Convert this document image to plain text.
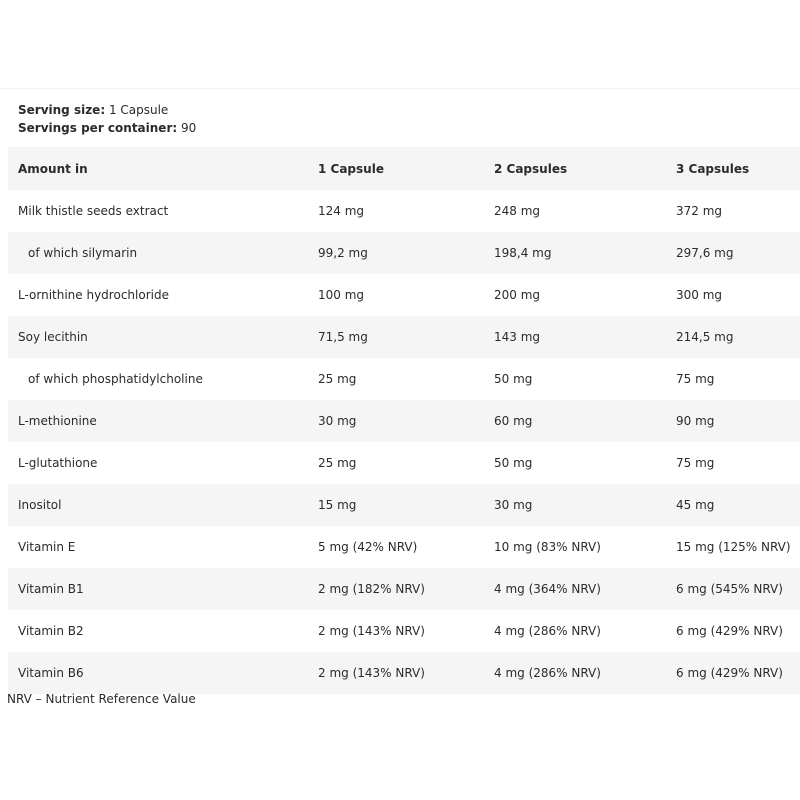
Serving size: 1 Capsule
Servings per container: 90
Amount in	1 Capsule	2 Capsules	3 Capsules
Milk thistle seeds extract	124 mg	248 mg	372 mg
of which silymarin	99,2 mg	198,4 mg	297,6 mg
L-ornithine hydrochloride	100 mg	200 mg	300 mg
Soy lecithin	71,5 mg	143 mg	214,5 mg
of which phosphatidylcholine	25 mg	50 mg	75 mg
L-methionine	30 mg	60 mg	90 mg
L-glutathione	25 mg	50 mg	75 mg
Inositol	15 mg	30 mg	45 mg
Vitamin E	5 mg (42% NRV)	10 mg (83% NRV)	15 mg (125% NRV)
Vitamin B1	2 mg (182% NRV)	4 mg (364% NRV)	6 mg (545% NRV)
Vitamin B2	2 mg (143% NRV)	4 mg (286% NRV)	6 mg (429% NRV)
Vitamin B6	2 mg (143% NRV)	4 mg (286% NRV)	6 mg (429% NRV)
NRV – Nutrient Reference Value
